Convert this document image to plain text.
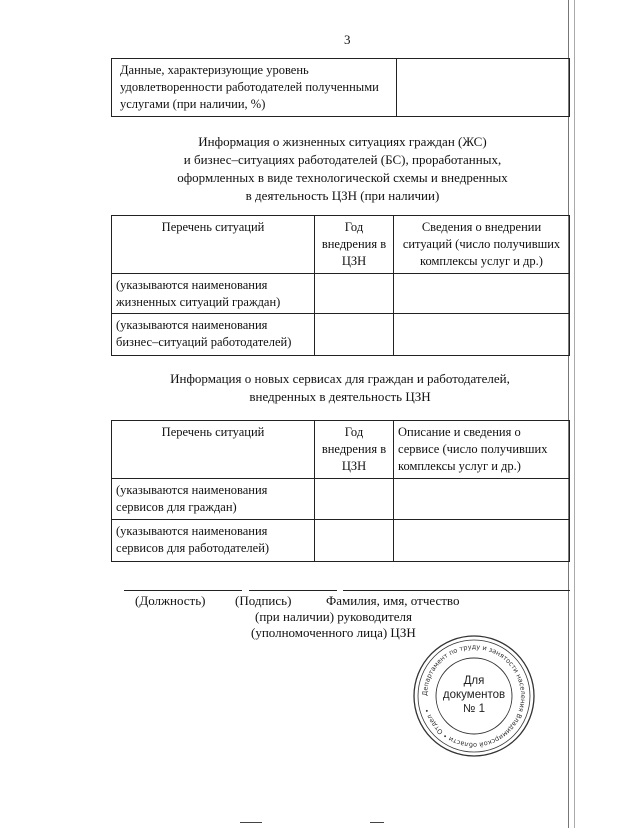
3
Данные, характеризующие уровень удовлетворенности работодателей полученными услугами (при наличии, %)	
Информация о жизненных ситуациях граждан (ЖС)
и бизнес–ситуациях работодателей (БС), проработанных,
оформленных в виде технологической схемы и внедренных
в деятельность ЦЗН (при наличии)
Перечень ситуаций	Год внедрения в ЦЗН	Сведения о внедрении ситуаций (число получивших комплексы услуг и др.)
(указываются наименования жизненных ситуаций граждан)		
(указываются наименования бизнес–ситуаций работодателей)		
Информация о новых сервисах для граждан и работодателей,
внедренных в деятельность ЦЗН
Перечень ситуаций	Год внедрения в ЦЗН	Описание и сведения о сервисе (число получивших комплексы услуг и др.)
(указываются наименования сервисов для граждан)		
(указываются наименования сервисов для работодателей)		
(Должность) (Подпись)	Фамилия, имя, отчество
(при наличии) руководителя
(уполномоченного лица) ЦЗН
Департамент по труду и занятости населения Владимирской области • Отдел •
Для
документов
№ 1
